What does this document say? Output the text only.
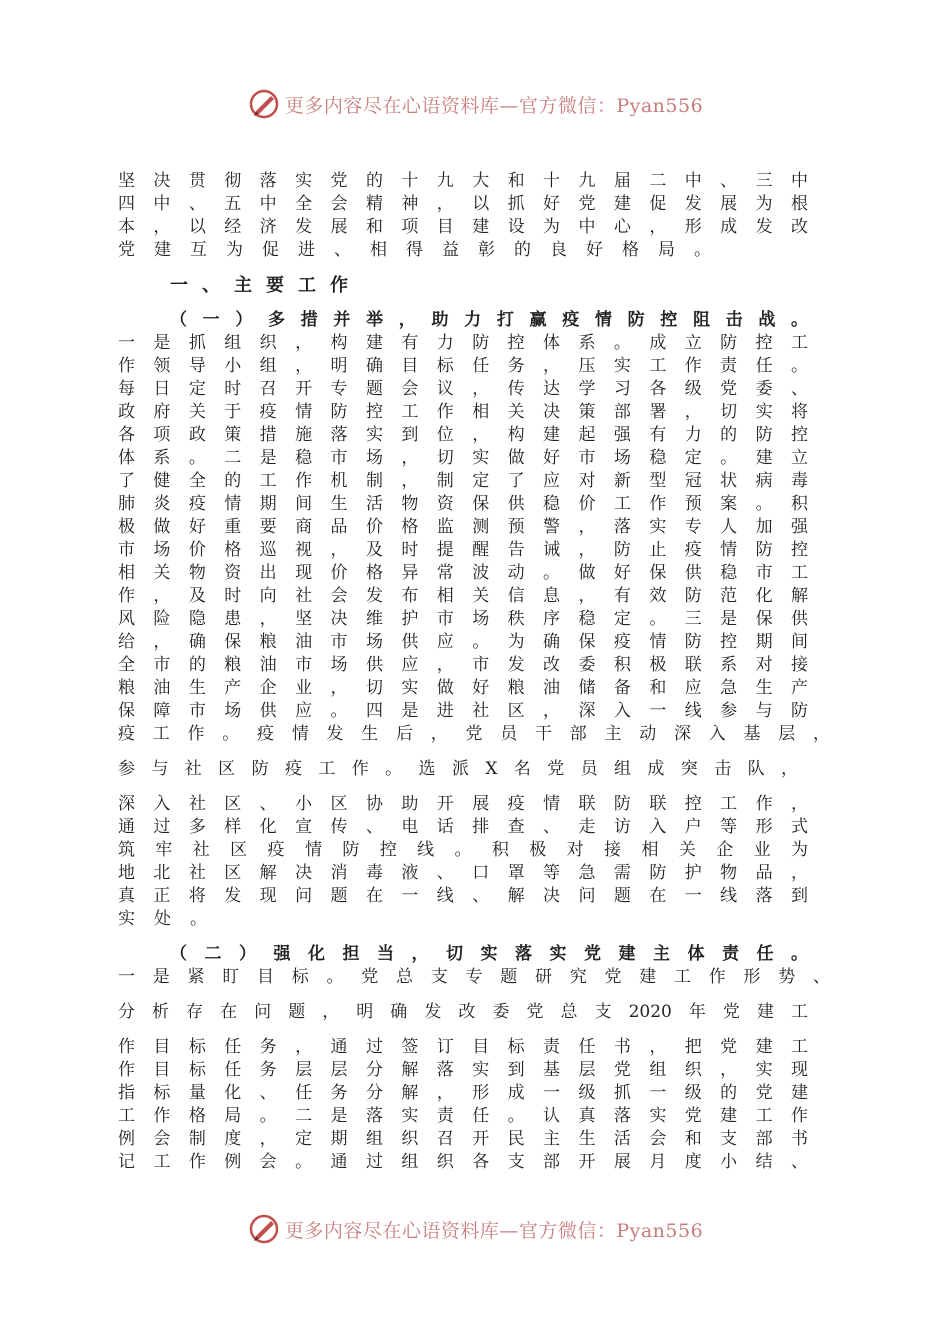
更多内容尽在心语资料库—官方微信：Pyan556
坚决贯彻落实党的十九大和十九届二中、三中
四中、五中全会精神，以抓好党建促发展为根
本，以经济发展和项目建设为中心，形成发改
党建互为促进、相得益彰的良好格局。
一、主要工作
（一）多措并举，助力打赢疫情防控阻击战。
一是抓组织，构建有力防控体系。成立防控工
作领导小组，明确目标任务，压实工作责任。
每日定时召开专题会议，传达学习各级党委、
政府关于疫情防控工作相关决策部署，切实将
各项政策措施落实到位，构建起强有力的防控
体系。二是稳市场，切实做好市场稳定。建立
了健全的工作机制，制定了应对新型冠状病毒
肺炎疫情期间生活物资保供稳价工作预案。积
极做好重要商品价格监测预警，落实专人加强
市场价格巡视，及时提醒告诫，防止疫情防控
相关物资出现价格异常波动。做好保供稳市工
作，及时向社会发布相关信息，有效防范化解
风险隐患，坚决维护市场秩序稳定。三是保供
给，确保粮油市场供应。为确保疫情防控期间
全市的粮油市场供应，市发改委积极联系对接
粮油生产企业，切实做好粮油储备和应急生产
保障市场供应。四是进社区，深入一线参与防
疫工作。疫情发生后，党员干部主动深入基层，
参与社区防疫工作。选派X名党员组成突击队，
深入社区、小区协助开展疫情联防联控工作，
通过多样化宣传、电话排查、走访入户等形式
筑牢社区疫情防控线。积极对接相关企业为
地北社区解决消毒液、口罩等急需防护物品，
真正将发现问题在一线、解决问题在一线落到
实处。
（二）强化担当，切实落实党建主体责任。
一是紧盯目标。党总支专题研究党建工作形势、
分析存在问题，明确发改委党总支2020年党建工
作目标任务，通过签订目标责任书，把党建工
作目标任务层层分解落实到基层党组织，实现
指标量化、任务分解，形成一级抓一级的党建
工作格局。二是落实责任。认真落实党建工作
例会制度，定期组织召开民主生活会和支部书
记工作例会。通过组织各支部开展月度小结、
更多内容尽在心语资料库—官方微信：Pyan556
